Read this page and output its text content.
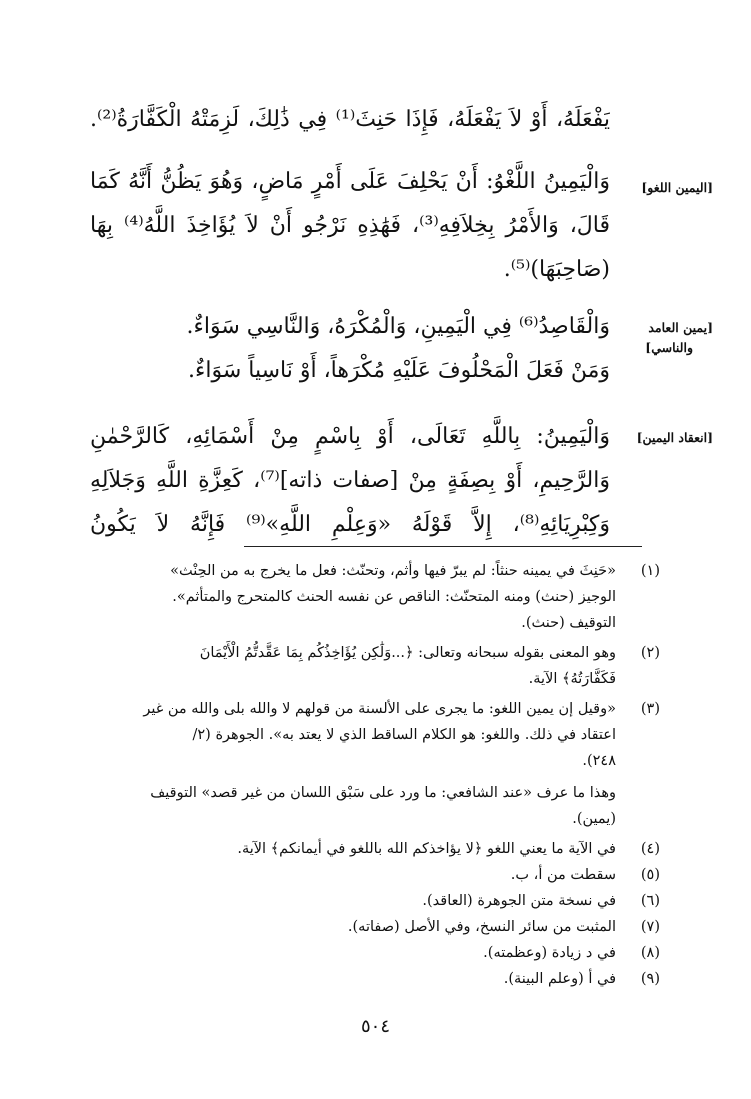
يَفْعَلَهُ، أَوْ لاَ يَفْعَلَهُ، فَإِذَا حَنِثَ⁽¹⁾ فِي ذَٰلِكَ، لَزِمَتْهُ الْكَفَّارَةُ⁽²⁾.
وَالْيَمِينُ اللَّغْوُ: أَنْ يَحْلِفَ عَلَى أَمْرٍ مَاضٍ، وَهُوَ يَظُنُّ أَنَّهُ كَمَا
قَالَ، وَالأَمْرُ بِخِلاَفِهِ⁽³⁾، فَهَٰذِهِ نَرْجُو أَنْ لاَ يُؤَاخِذَ اللَّهُ⁽⁴⁾ بِهَا
(صَاحِبَهَا)⁽⁵⁾.
[اليمين اللغو]
وَالْقَاصِدُ⁽⁶⁾ فِي الْيَمِينِ، وَالْمُكْرَهُ، وَالنَّاسِي سَوَاءٌ.
وَمَنْ فَعَلَ الْمَحْلُوفَ عَلَيْهِ مُكْرَهاً، أَوْ نَاسِياً سَوَاءٌ.
[يمين العامد
والناسي]
وَالْيَمِينُ: بِاللَّهِ تَعَالَى، أَوْ بِاسْمٍ مِنْ أَسْمَائِهِ، كَالرَّحْمٰنِ
وَالرَّحِيمِ، أَوْ بِصِفَةٍ مِنْ [صفات ذاته]⁽⁷⁾، كَعِزَّةِ اللَّهِ وَجَلاَلِهِ
وَكِبْرِيَائِهِ⁽⁸⁾، إِلاَّ قَوْلَهُ «وَعِلْمِ اللَّهِ»⁽⁹⁾ فَإِنَّهُ لاَ يَكُونُ
[انعقاد اليمين]
(١)
«حَنِثَ في يمينه حنثاً: لم يبرّ فيها وأثم، وتحنّث: فعل ما يخرج به من الحِنْث»
الوجيز (حنث) ومنه المتحنّث: الناقص عن نفسه الحنث كالمتحرج والمتأثم».
التوقيف (حنث).
(٢)
وهو المعنى بقوله سبحانه وتعالى: ﴿...وَلَٰكِن يُؤَاخِذُكُم بِمَا عَقَّدتُّمُ الْأَيْمَانَ
فَكَفَّارَتُهُ﴾ الآية.
(٣)
«وقيل إن يمين اللغو: ما يجرى على الألسنة من قولهم لا والله بلى والله من غير
اعتقاد في ذلك. واللغو: هو الكلام الساقط الذي لا يعتد به». الجوهرة (٢/
٢٤٨).
وهذا ما عرف «عند الشافعي: ما ورد على سَبْق اللسان من غير قصد» التوقيف
(يمين).
(٤)
في الآية ما يعني اللغو ﴿لا يؤاخذكم الله باللغو في أيمانكم﴾ الآية.
(٥)
سقطت من أ، ب.
(٦)
في نسخة متن الجوهرة (العاقد).
(٧)
المثبت من سائر النسخ، وفي الأصل (صفاته).
(٨)
في د زيادة (وعظمته).
(٩)
في أ (وعلم البينة).
٥٠٤
